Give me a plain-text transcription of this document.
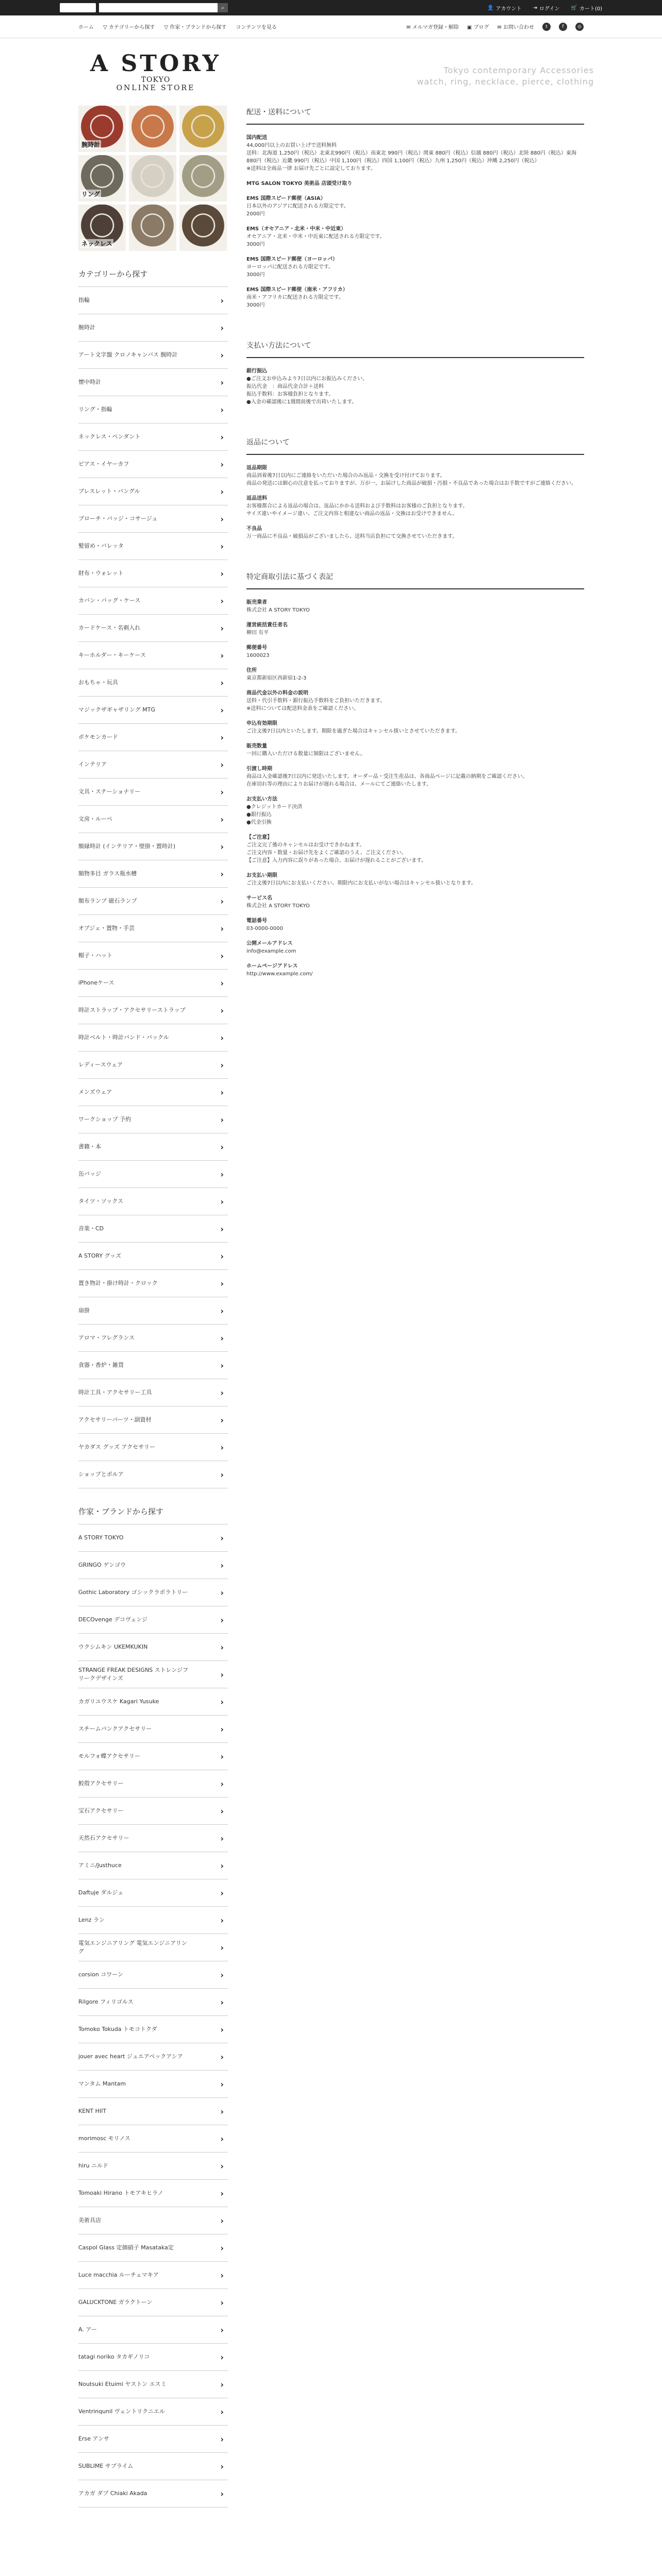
⌕	👤 アカウント ⇥ ログイン 🛒 カート(0)
ホーム ▽ カテゴリーから探す ▽ 作家・ブランドから探す コンテンツを見る	✉ メルマガ登録・解除 ▣ ブログ ✉ お問い合わせ	t	f	◎
A STORY
TOKYO
ONLINE STORE
Tokyo contemporary Accessories
watch, ring, necklace, pierce, clothing
腕時計
リング
ネックレス
カテゴリーから探す
指輪	›
腕時計	›
アート文字盤 クロノキャンバス 腕時計	›
懐中時計	›
リング・指輪	›
ネックレス・ペンダント	›
ピアス・イヤーカフ	›
ブレスレット・バングル	›
ブローチ・バッジ・コサージュ	›
髪留め・バレッタ	›
財布・ウォレット	›
カバン・バッグ・ケース	›
カードケース・名刺入れ	›
キーホルダー・キーケース	›
おもちゃ・玩具	›
マジックザギャザリング MTG	›
ポケモンカード	›
インテリア	›
文具・ステーショナリー	›
文房・ルーペ	›
額縁時計 (インテリア・壁掛・置時計)	›
額物多目 ガラス瓶水槽	›
額布ランプ 磁石ランプ	›
オブジェ・置物・手芸	›
帽子・ハット	›
iPhoneケース	›
時計ストラップ・アクセサリーストラップ	›
時計ベルト・時計バンド・バックル	›
レディースウェア	›
メンズウェア	›
ワークショップ 予約	›
書籍・本	›
缶バッジ	›
タイツ・ソックス	›
音楽・CD	›
A STORY グッズ	›
置き物計・掛け時計・クロック	›
扇掛	›
アロマ・フレグランス	›
食器・香炉・雑貨	›
時計工具・アクセサリー工具	›
アクセサリーパーツ・副資材	›
ヤカダス グッズ アクセサリー	›
ショップとボルア	›
作家・ブランドから探す
A STORY TOKYO	›
GRINGO ゲンゴウ	›
Gothic Laboratory ゴシックラボラトリー	›
DECOvenge デコヴェンジ	›
ウクシムキン UKEMKUKIN	›
STRANGE FREAK DESIGNS ストレンジフリークデザインズ	›
カガリユウスケ Kagari Yusuke	›
スチームパンクアクセサリー	›
モルフォ蝶アクセサリー	›
鮫殻アクセサリー	›
宝石アクセサリー	›
天然石アクセサリー	›
アミニ/Justhuce	›
Daftuje ダルジュ	›
Lenz ラン	›
電気エンジニアリング 電気エンジニアリング	›
corsion コワーン	›
Rilgore フィリゴルス	›
Tomoko Tokuda トモコトクダ	›
jouer avec heart ジュエアベックアシア	›
マンタム Mantam	›
KENT HIIT	›
morimosc モリノス	›
hiru ニルド	›
Tomoaki Hirano トモアキヒラノ	›
美術具店	›
Caspol Glass 定価硝子 Masataka定	›
Luce macchia ルーチェマキア	›
GALUCKTONE ガラクトーン	›
A. アー	›
tatagi noriko タカギノリコ	›
Noutsuki Etuimi ヤストン エスミ	›
Ventrinqunil ヴェントリクニエル	›
Erse アンサ	›
SUBLIME サブライム	›
アカガ ダブ Chiaki Akada	›
配送・送料について
国内配送
44,000円以上のお買い上げで送料無料
送料：北海道 1,250円（税込）北東北990円（税込）南東北 990円（税込）関東 880円（税込）信越 880円（税込）北陸 880円（税込）東海 880円（税込）近畿 990円（税込）中国 1,100円（税込）四国 1,100円（税込）九州 1,250円（税込）沖縄 2,250円（税込）
※送料は全商品一律 お届け先ごとに設定しております。
MTG SALON TOKYO 美術品 店頭受け取り
EMS 国際スピード郵便（ASIA）
日本以外のアジアに配送される方限定です。
2000円
EMS（オセアニア・北米・中米・中近東）
オセアニア・北米・中米・中近東に配送される方限定です。
3000円
EMS 国際スピード郵便（ヨーロッパ）
ヨーロッパに配送される方限定です。
3000円
EMS 国際スピード郵便（南米・アフリカ）
南米・アフリカに配送される方限定です。
3000円
支払い方法について
銀行振込
●ご注文お申込みより7日以内にお振込みください。
振込代金　：商品代金合計＋送料
振込手数料：お客様負担となります。
●入金の確認後に1週間前後で出荷いたします。
返品について
返品期限
商品到着後7日以内にご連絡をいただいた場合のみ返品・交換を受け付けております。
商品の発送には細心の注意を払っておりますが、万が一、お届けした商品が破損・汚損・不良品であった場合はお手数ですがご連絡ください。
返品送料
お客様都合による返品の場合は、返品にかかる送料および手数料はお客様のご負担となります。
サイズ違いやイメージ違い、ご注文内容と相違ない商品の返品・交換はお受けできません。
不良品
万一商品に不良品・破損品がございましたら、送料当店負担にて交換させていただきます。
特定商取引法に基づく表記
販売業者
株式会社 A STORY TOKYO
運営統括責任者名
柳田 有平
郵便番号
1600023
住所
東京都新宿区西新宿1-2-3
商品代金以外の料金の説明
送料・代引手数料・銀行振込手数料をご負担いただきます。
※送料については配送料金表をご確認ください。
申込有効期限
ご注文後7日以内といたします。期限を過ぎた場合はキャンセル扱いとさせていただきます。
販売数量
一回に購入いただける数量に制限はございません。
引渡し時期
商品は入金確認後7日以内に発送いたします。オーダー品・受注生産品は、各商品ページに記載の納期をご確認ください。
在庫切れ等の理由によりお届けが遅れる場合は、メールにてご連絡いたします。
お支払い方法
●クレジットカード決済
●銀行振込
●代金引換
【ご注意】
ご注文完了後のキャンセルはお受けできかねます。
ご注文内容・数量・お届け先をよくご確認のうえ、ご注文ください。
【ご注意】入力内容に誤りがあった場合、お届けが遅れることがございます。
お支払い期限
ご注文後7日以内にお支払いください。期限内にお支払いがない場合はキャンセル扱いとなります。
サービス名
株式会社 A STORY TOKYO
電話番号
03-0000-0000
公開メールアドレス
info@example.com
ホームページアドレス
http://www.example.com/
